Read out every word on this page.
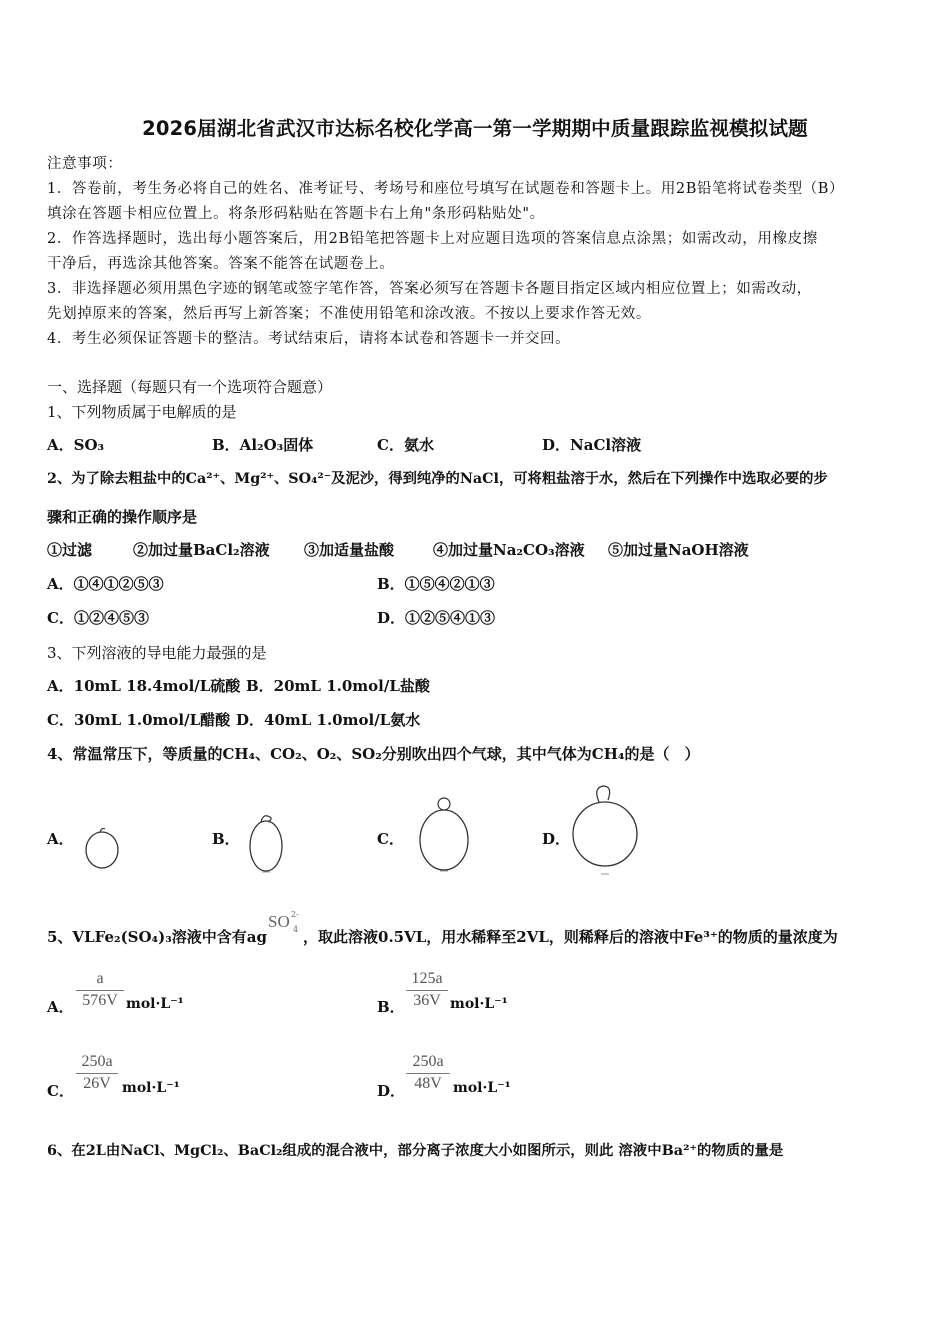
2026届湖北省武汉市达标名校化学高一第一学期期中质量跟踪监视模拟试题
注意事项：
1．答卷前，考生务必将自己的姓名、准考证号、考场号和座位号填写在试题卷和答题卡上。用2B铅笔将试卷类型（B）
填涂在答题卡相应位置上。将条形码粘贴在答题卡右上角"条形码粘贴处"。
2．作答选择题时，选出每小题答案后，用2B铅笔把答题卡上对应题目选项的答案信息点涂黑；如需改动，用橡皮擦
干净后，再选涂其他答案。答案不能答在试题卷上。
3．非选择题必须用黑色字迹的钢笔或签字笔作答，答案必须写在答题卡各题目指定区域内相应位置上；如需改动，
先划掉原来的答案，然后再写上新答案；不准使用铅笔和涂改液。不按以上要求作答无效。
4．考生必须保证答题卡的整洁。考试结束后，请将本试卷和答题卡一并交回。
一、选择题（每题只有一个选项符合题意）
1、下列物质属于电解质的是
A．SO₃	B．Al₂O₃固体	C．氨水	D．NaCl溶液
2、为了除去粗盐中的Ca²⁺、Mg²⁺、SO₄²⁻及泥沙，得到纯净的NaCl，可将粗盐溶于水，然后在下列操作中选取必要的步
骤和正确的操作顺序是
①过滤	②加过量BaCl₂溶液 ③加适量盐酸	④加过量Na₂CO₃溶液 ⑤加过量NaOH溶液
A．①④①②⑤③	B．①⑤④②①③
C．①②④⑤③	D．①②⑤④①③
3、下列溶液的导电能力最强的是
A．10mL 18.4mol/L硫酸 B．20mL 1.0mol/L盐酸
C．30mL 1.0mol/L醋酸 D．40mL 1.0mol/L氨水
4、常温常压下，等质量的CH₄、CO₂、O₂、SO₂分别吹出四个气球，其中气体为CH₄的是（　）
A．	B．	C．	D．
5、VLFe₂(SO₄)₃溶液中含有ag
SO 2-
4 ，取此溶液0.5VL，用水稀释至2VL，则稀释后的溶液中Fe³⁺的物质的量浓度为
A．
a
576V mol·L⁻¹	B．
125a
36V mol·L⁻¹
C．
250a
26V mol·L⁻¹	D．
250a
48V mol·L⁻¹
6、在2L由NaCl、MgCl₂、BaCl₂组成的混合液中，部分离子浓度大小如图所示，则此 溶液中Ba²⁺的物质的量是
